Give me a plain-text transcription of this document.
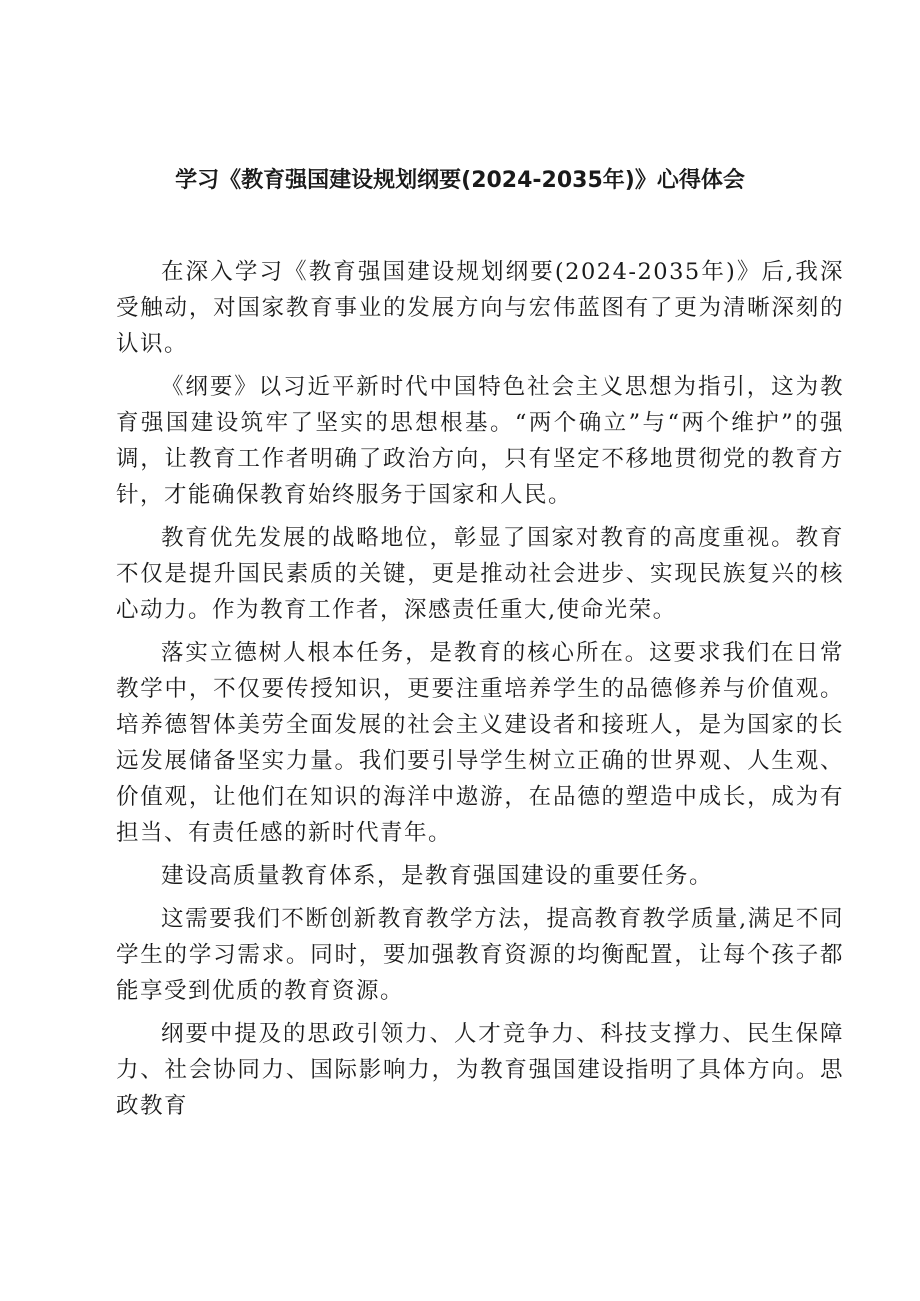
学习《教育强国建设规划纲要(2024-2035年)》心得体会

在深入学习《教育强国建设规划纲要(2024-2035年)》后,我深受触动，对国家教育事业的发展方向与宏伟蓝图有了更为清晰深刻的认识。

《纲要》以习近平新时代中国特色社会主义思想为指引，这为教育强国建设筑牢了坚实的思想根基。“两个确立”与“两个维护”的强调，让教育工作者明确了政治方向，只有坚定不移地贯彻党的教育方针，才能确保教育始终服务于国家和人民。

教育优先发展的战略地位，彰显了国家对教育的高度重视。教育不仅是提升国民素质的关键，更是推动社会进步、实现民族复兴的核心动力。作为教育工作者，深感责任重大,使命光荣。

落实立德树人根本任务，是教育的核心所在。这要求我们在日常教学中，不仅要传授知识，更要注重培养学生的品德修养与价值观。培养德智体美劳全面发展的社会主义建设者和接班人，是为国家的长远发展储备坚实力量。我们要引导学生树立正确的世界观、人生观、价值观，让他们在知识的海洋中遨游，在品德的塑造中成长，成为有担当、有责任感的新时代青年。

建设高质量教育体系，是教育强国建设的重要任务。

这需要我们不断创新教育教学方法，提高教育教学质量,满足不同学生的学习需求。同时，要加强教育资源的均衡配置，让每个孩子都能享受到优质的教育资源。

纲要中提及的思政引领力、人才竞争力、科技支撑力、民生保障力、社会协同力、国际影响力，为教育强国建设指明了具体方向。思政教育
